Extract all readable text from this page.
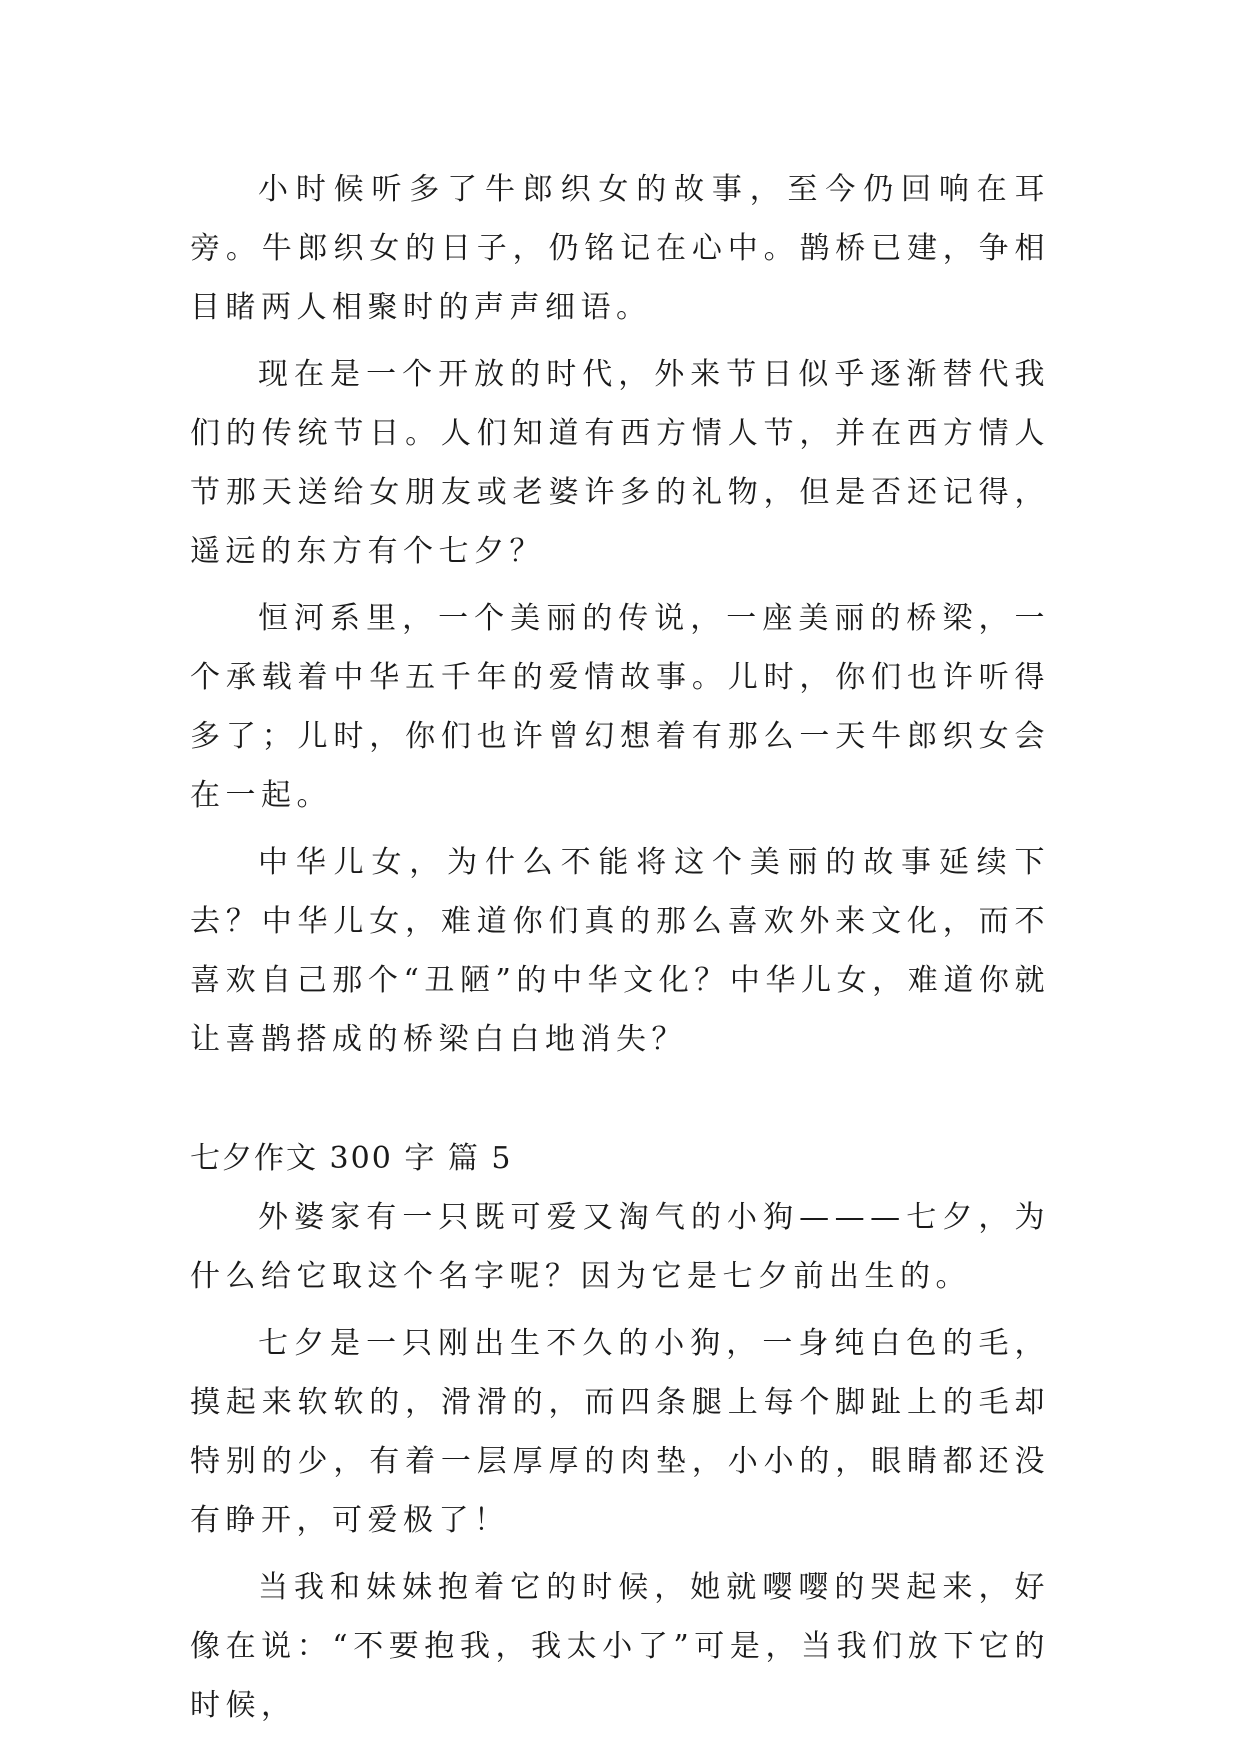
小时候听多了牛郎织女的故事，至今仍回响在耳旁。牛郎织女的日子，仍铭记在心中。鹊桥已建，争相目睹两人相聚时的声声细语。

现在是一个开放的时代，外来节日似乎逐渐替代我们的传统节日。人们知道有西方情人节，并在西方情人节那天送给女朋友或老婆许多的礼物，但是否还记得，遥远的东方有个七夕？

恒河系里，一个美丽的传说，一座美丽的桥梁，一个承载着中华五千年的爱情故事。儿时，你们也许听得多了；儿时，你们也许曾幻想着有那么一天牛郎织女会在一起。

中华儿女，为什么不能将这个美丽的故事延续下去？中华儿女，难道你们真的那么喜欢外来文化，而不喜欢自己那个“丑陋”的中华文化？中华儿女，难道你就让喜鹊搭成的桥梁白白地消失？

七夕作文 300 字 篇 5

外婆家有一只既可爱又淘气的小狗———七夕，为什么给它取这个名字呢？因为它是七夕前出生的。

七夕是一只刚出生不久的小狗，一身纯白色的毛，摸起来软软的，滑滑的，而四条腿上每个脚趾上的毛却特别的少，有着一层厚厚的肉垫，小小的，眼睛都还没有睁开，可爱极了！

当我和妹妹抱着它的时候，她就嘤嘤的哭起来，好像在说：“不要抱我，我太小了”可是，当我们放下它的时候，
